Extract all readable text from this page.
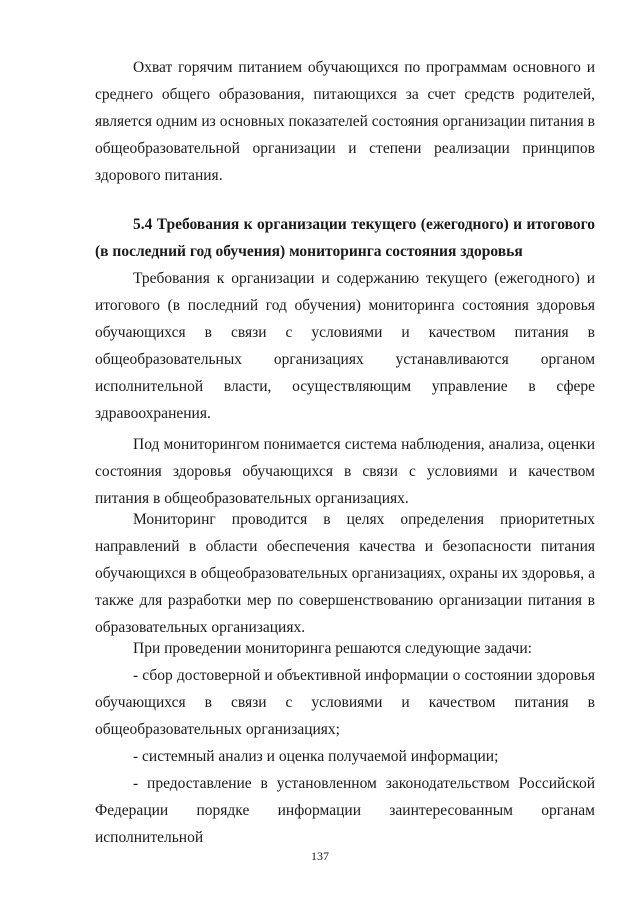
Охват горячим питанием обучающихся по программам основного и среднего общего образования, питающихся за счет средств родителей, является одним из основных показателей состояния организации питания в общеобразовательной организации и степени реализации принципов здорового питания.

5.4 Требования к организации текущего (ежегодного) и итогового (в последний год обучения) мониторинга состояния здоровья

Требования к организации и содержанию текущего (ежегодного) и итогового (в последний год обучения) мониторинга состояния здоровья обучающихся в связи с условиями и качеством питания в общеобразовательных организациях устанавливаются органом исполнительной власти, осуществляющим управление в сфере здравоохранения.

Под мониторингом понимается система наблюдения, анализа, оценки состояния здоровья обучающихся в связи с условиями и качеством питания в общеобразовательных организациях.

Мониторинг проводится в целях определения приоритетных направлений в области обеспечения качества и безопасности питания обучающихся в общеобразовательных организациях, охраны их здоровья, а также для разработки мер по совершенствованию организации питания в образовательных организациях.

При проведении мониторинга решаются следующие задачи:

- сбор достоверной и объективной информации о состоянии здоровья обучающихся в связи с условиями и качеством питания в общеобразовательных организациях;

- системный анализ и оценка получаемой информации;

- предоставление в установленном законодательством Российской Федерации порядке информации заинтересованным органам исполнительной

137
